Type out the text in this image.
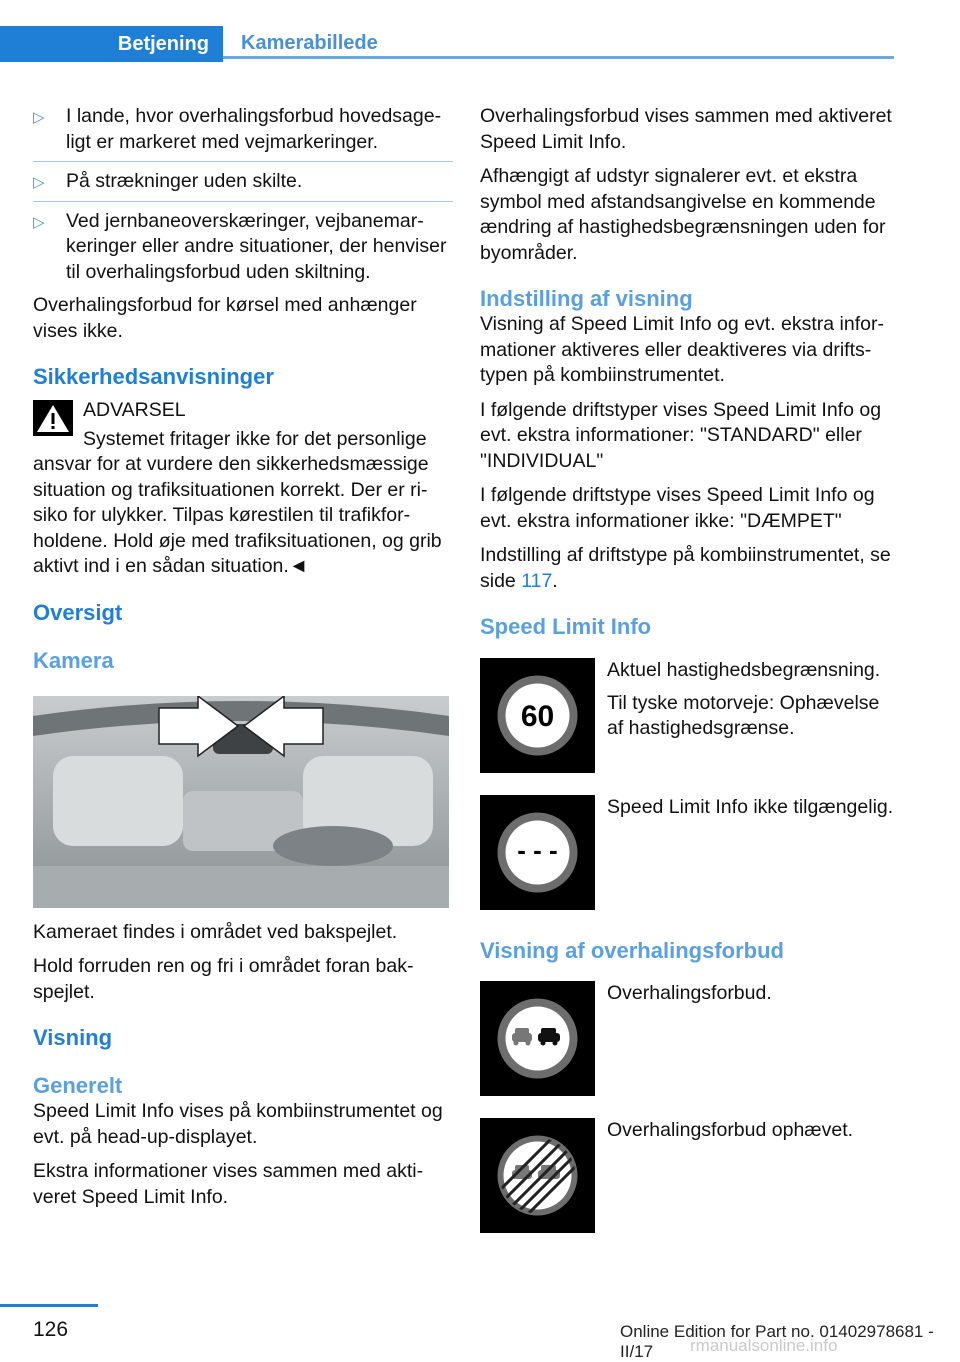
Betjening	Kamerabillede
▷ I lande, hvor overhalingsforbud hovedsageligt er markeret med vejmarkeringer.
▷ På strækninger uden skilte.
▷ Ved jernbaneoverskæringer, vejbanemarkeringer eller andre situationer, der henviser til overhalingsforbud uden skiltning.

Overhalingsforbud for kørsel med anhænger vises ikke.

Sikkerhedsanvisninger

ADVARSEL

Systemet fritager ikke for det personlige ansvar for at vurdere den sikkerhedsmæssige situation og trafiksituationen korrekt. Der er risiko for ulykker. Tilpas kørestilen til trafikforholdene. Hold øje med trafiksituationen, og grib aktivt ind i en sådan situation.◄

Oversigt
Kamera

Kameraet findes i området ved bakspejlet.

Hold forruden ren og fri i området foran bakspejlet.

Visning
Generelt

Speed Limit Info vises på kombiinstrumentet og evt. på head-up-displayet.

Ekstra informationer vises sammen med aktiveret Speed Limit Info.

Overhalingsforbud vises sammen med aktiveret Speed Limit Info.

Afhængigt af udstyr signalerer evt. et ekstra symbol med afstandsangivelse en kommende ændring af hastighedsbegrænsningen uden for byområder.

Indstilling af visning

Visning af Speed Limit Info og evt. ekstra informationer aktiveres eller deaktiveres via driftstypen på kombiinstrumentet.

I følgende driftstyper vises Speed Limit Info og evt. ekstra informationer: "STANDARD" eller "INDIVIDUAL"

I følgende driftstype vises Speed Limit Info og evt. ekstra informationer ikke: "DÆMPET"

Indstilling af driftstype på kombiinstrumentet, se side 117.

Speed Limit Info
60

Aktuel hastighedsbegrænsning.

Til tyske motorveje: Ophævelse af hastighedsgrænse.

- - -

Speed Limit Info ikke tilgængelig.

Visning af overhalingsforbud

Overhalingsforbud.

Overhalingsforbud ophævet.

126	Online Edition for Part no. 01402978681 - II/17	rmanualsonline.info
